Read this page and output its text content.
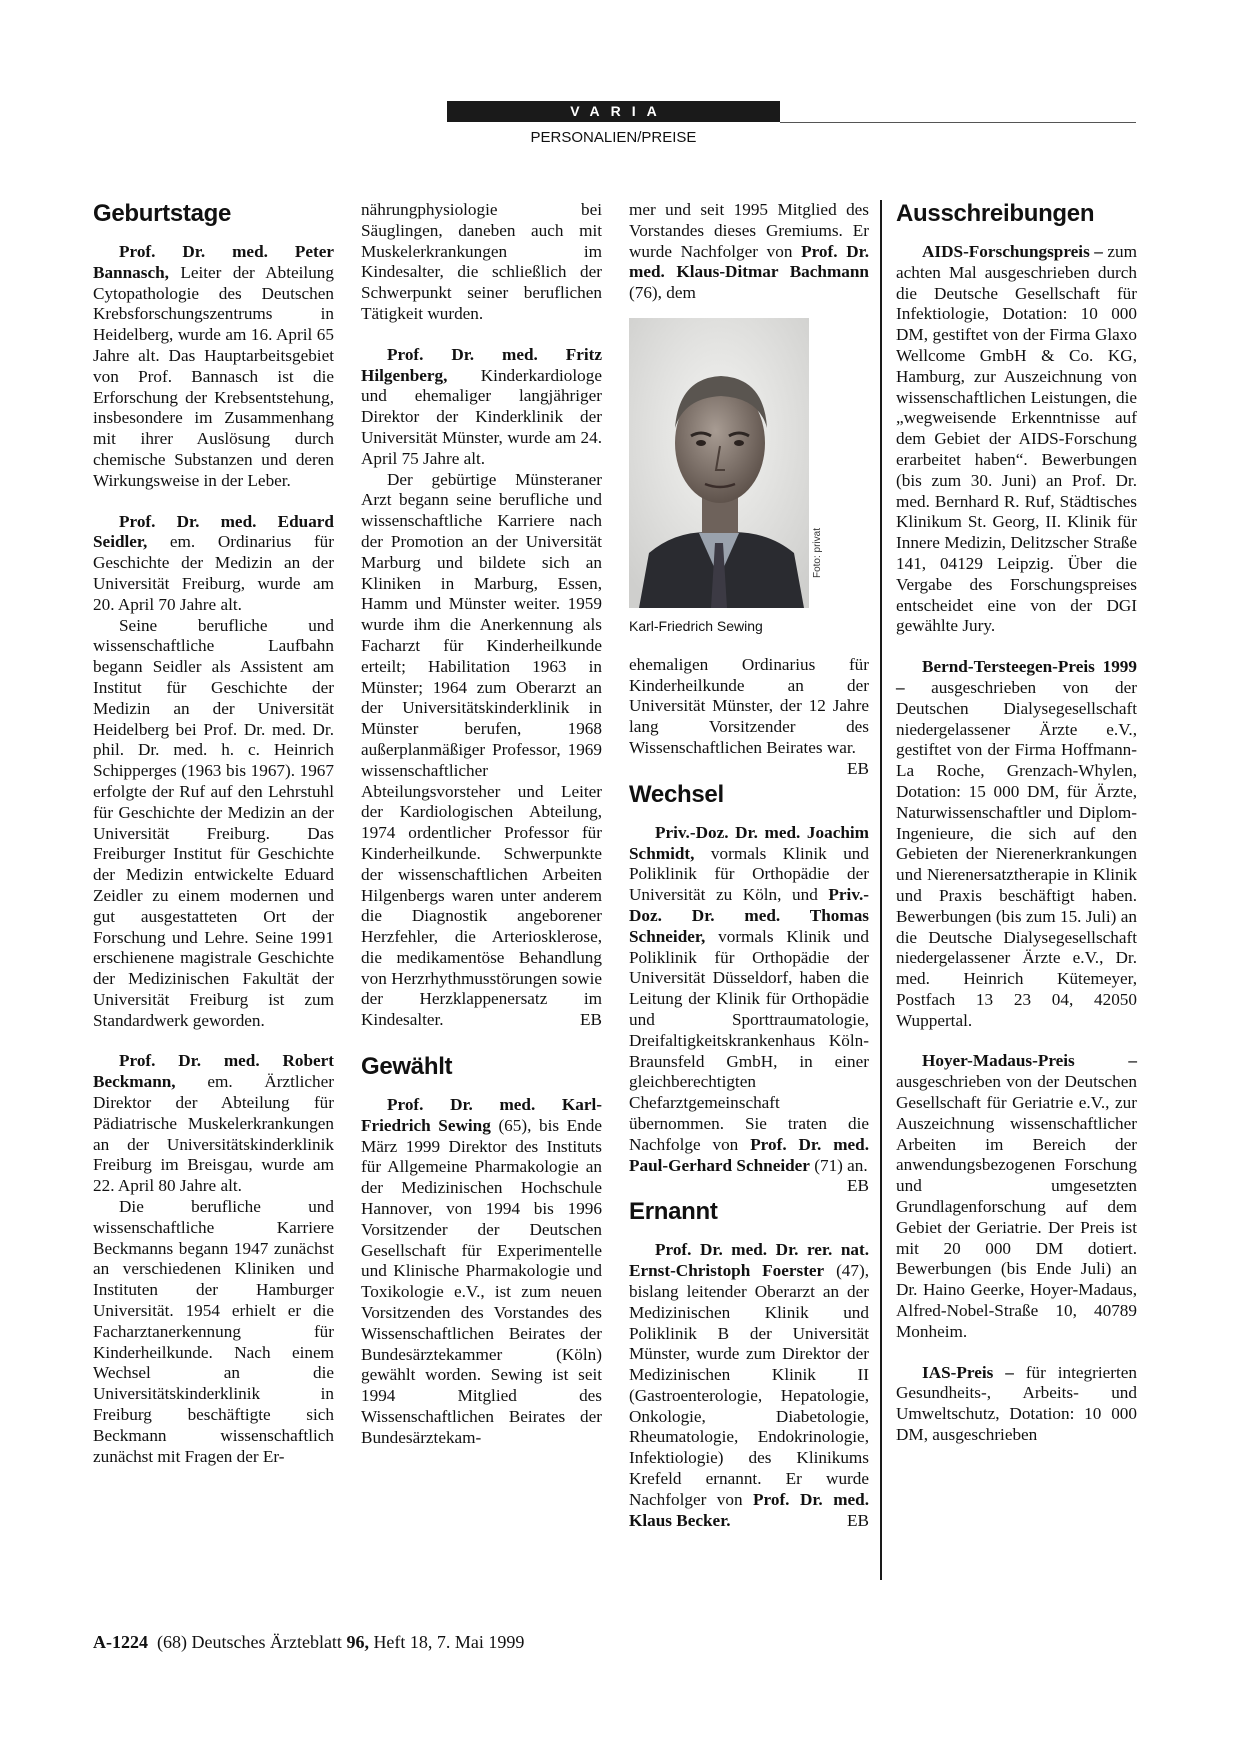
VARIA
PERSONALIEN/PREISE
Geburtstage

Prof. Dr. med. Peter Bannasch, Leiter der Abteilung Cytopathologie des Deutschen Krebsforschungszentrums in Heidelberg, wurde am 16. April 65 Jahre alt. Das Hauptarbeitsgebiet von Prof. Bannasch ist die Erforschung der Krebsentstehung, insbesondere im Zusammenhang mit ihrer Auslösung durch chemische Substanzen und deren Wirkungsweise in der Leber.

Prof. Dr. med. Eduard Seidler, em. Ordinarius für Geschichte der Medizin an der Universität Freiburg, wurde am 20. April 70 Jahre alt.

Seine berufliche und wissenschaftliche Laufbahn begann Seidler als Assistent am Institut für Geschichte der Medizin an der Universität Heidelberg bei Prof. Dr. med. Dr. phil. Dr. med. h. c. Heinrich Schipperges (1963 bis 1967). 1967 erfolgte der Ruf auf den Lehrstuhl für Geschichte der Medizin an der Universität Freiburg. Das Freiburger Institut für Geschichte der Medizin entwickelte Eduard Zeidler zu einem modernen und gut ausgestatteten Ort der Forschung und Lehre. Seine 1991 erschienene magistrale Geschichte der Medizinischen Fakultät der Universität Freiburg ist zum Standardwerk geworden.

Prof. Dr. med. Robert Beckmann, em. Ärztlicher Direktor der Abteilung für Pädiatrische Muskelerkrankungen an der Universitätskinderklinik Freiburg im Breisgau, wurde am 22. April 80 Jahre alt.

Die berufliche und wissenschaftliche Karriere Beckmanns begann 1947 zunächst an verschiedenen Kliniken und Instituten der Hamburger Universität. 1954 erhielt er die Facharztanerkennung für Kinderheilkunde. Nach einem Wechsel an die Universitätskinderklinik in Freiburg beschäftigte sich Beckmann wissenschaftlich zunächst mit Fragen der Er-

nährungphysiologie bei Säuglingen, daneben auch mit Muskelerkrankungen im Kindesalter, die schließlich der Schwerpunkt seiner beruflichen Tätigkeit wurden.

Prof. Dr. med. Fritz Hilgenberg, Kinderkardiologe und ehemaliger langjähriger Direktor der Kinderklinik der Universität Münster, wurde am 24. April 75 Jahre alt.

Der gebürtige Münsteraner Arzt begann seine berufliche und wissenschaftliche Karriere nach der Promotion an der Universität Marburg und bildete sich an Kliniken in Marburg, Essen, Hamm und Münster weiter. 1959 wurde ihm die Anerkennung als Facharzt für Kinderheilkunde erteilt; Habilitation 1963 in Münster; 1964 zum Oberarzt an der Universitätskinderklinik in Münster berufen, 1968 außerplanmäßiger Professor, 1969 wissenschaftlicher Abteilungsvorsteher und Leiter der Kardiologischen Abteilung, 1974 ordentlicher Professor für Kinderheilkunde. Schwerpunkte der wissenschaftlichen Arbeiten Hilgenbergs waren unter anderem die Diagnostik angeborener Herzfehler, die Arteriosklerose, die medikamentöse Behandlung von Herzrhythmusstörungen sowie der Herzklappenersatz im Kindesalter.	EB

Gewählt

Prof. Dr. med. Karl-Friedrich Sewing (65), bis Ende März 1999 Direktor des Instituts für Allgemeine Pharmakologie an der Medizinischen Hochschule Hannover, von 1994 bis 1996 Vorsitzender der Deutschen Gesellschaft für Experimentelle und Klinische Pharmakologie und Toxikologie e.V., ist zum neuen Vorsitzenden des Vorstandes des Wissenschaftlichen Beirates der Bundesärztekammer (Köln) gewählt worden. Sewing ist seit 1994 Mitglied des Wissenschaftlichen Beirates der Bundesärztekam-

mer und seit 1995 Mitglied des Vorstandes dieses Gremiums. Er wurde Nachfolger von Prof. Dr. med. Klaus-Ditmar Bachmann (76), dem

Foto: privat
Karl-Friedrich Sewing

ehemaligen Ordinarius für Kinderheilkunde an der Universität Münster, der 12 Jahre lang Vorsitzender des Wissenschaftlichen Beirates war.
EB

Wechsel

Priv.-Doz. Dr. med. Joachim Schmidt, vormals Klinik und Poliklinik für Orthopädie der Universität zu Köln, und Priv.-Doz. Dr. med. Thomas Schneider, vormals Klinik und Poliklinik für Orthopädie der Universität Düsseldorf, haben die Leitung der Klinik für Orthopädie und Sporttraumatologie, Dreifaltigkeitskrankenhaus Köln-Braunsfeld GmbH, in einer gleichberechtigten Chefarztgemeinschaft übernommen. Sie traten die Nachfolge von Prof. Dr. med. Paul-Gerhard Schneider (71) an.
EB

Ernannt

Prof. Dr. med. Dr. rer. nat. Ernst-Christoph Foerster (47), bislang leitender Oberarzt an der Medizinischen Klinik und Poliklinik B der Universität Münster, wurde zum Direktor der Medizinischen Klinik II (Gastroenterologie, Hepatologie, Onkologie, Diabetologie, Rheumatologie, Endokrinologie, Infektiologie) des Klinikums Krefeld ernannt. Er wurde Nachfolger von Prof. Dr. med. Klaus Becker.	EB

Ausschreibungen

AIDS-Forschungspreis – zum achten Mal ausgeschrieben durch die Deutsche Gesellschaft für Infektiologie, Dotation: 10 000 DM, gestiftet von der Firma Glaxo Wellcome GmbH & Co. KG, Hamburg, zur Auszeichnung von wissenschaftlichen Leistungen, die „wegweisende Erkenntnisse auf dem Gebiet der AIDS-Forschung erarbeitet haben“. Bewerbungen (bis zum 30. Juni) an Prof. Dr. med. Bernhard R. Ruf, Städtisches Klinikum St. Georg, II. Klinik für Innere Medizin, Delitzscher Straße 141, 04129 Leipzig. Über die Vergabe des Forschungspreises entscheidet eine von der DGI gewählte Jury.

Bernd-Tersteegen-Preis 1999 – ausgeschrieben von der Deutschen Dialysegesellschaft niedergelassener Ärzte e.V., gestiftet von der Firma Hoffmann-La Roche, Grenzach-Whylen, Dotation: 15 000 DM, für Ärzte, Naturwissenschaftler und Diplom-Ingenieure, die sich auf den Gebieten der Nierenerkrankungen und Nierenersatztherapie in Klinik und Praxis beschäftigt haben. Bewerbungen (bis zum 15. Juli) an die Deutsche Dialysegesellschaft niedergelassener Ärzte e.V., Dr. med. Heinrich Kütemeyer, Postfach 13 23 04, 42050 Wuppertal.

Hoyer-Madaus-Preis – ausgeschrieben von der Deutschen Gesellschaft für Geriatrie e.V., zur Auszeichnung wissenschaftlicher Arbeiten im Bereich der anwendungsbezogenen Forschung und umgesetzten Grundlagenforschung auf dem Gebiet der Geriatrie. Der Preis ist mit 20 000 DM dotiert. Bewerbungen (bis Ende Juli) an Dr. Haino Geerke, Hoyer-Madaus, Alfred-Nobel-Straße 10, 40789 Monheim.

IAS-Preis – für integrierten Gesundheits-, Arbeits- und Umweltschutz, Dotation: 10 000 DM, ausgeschrieben

A-1224 (68) Deutsches Ärzteblatt 96, Heft 18, 7. Mai 1999
